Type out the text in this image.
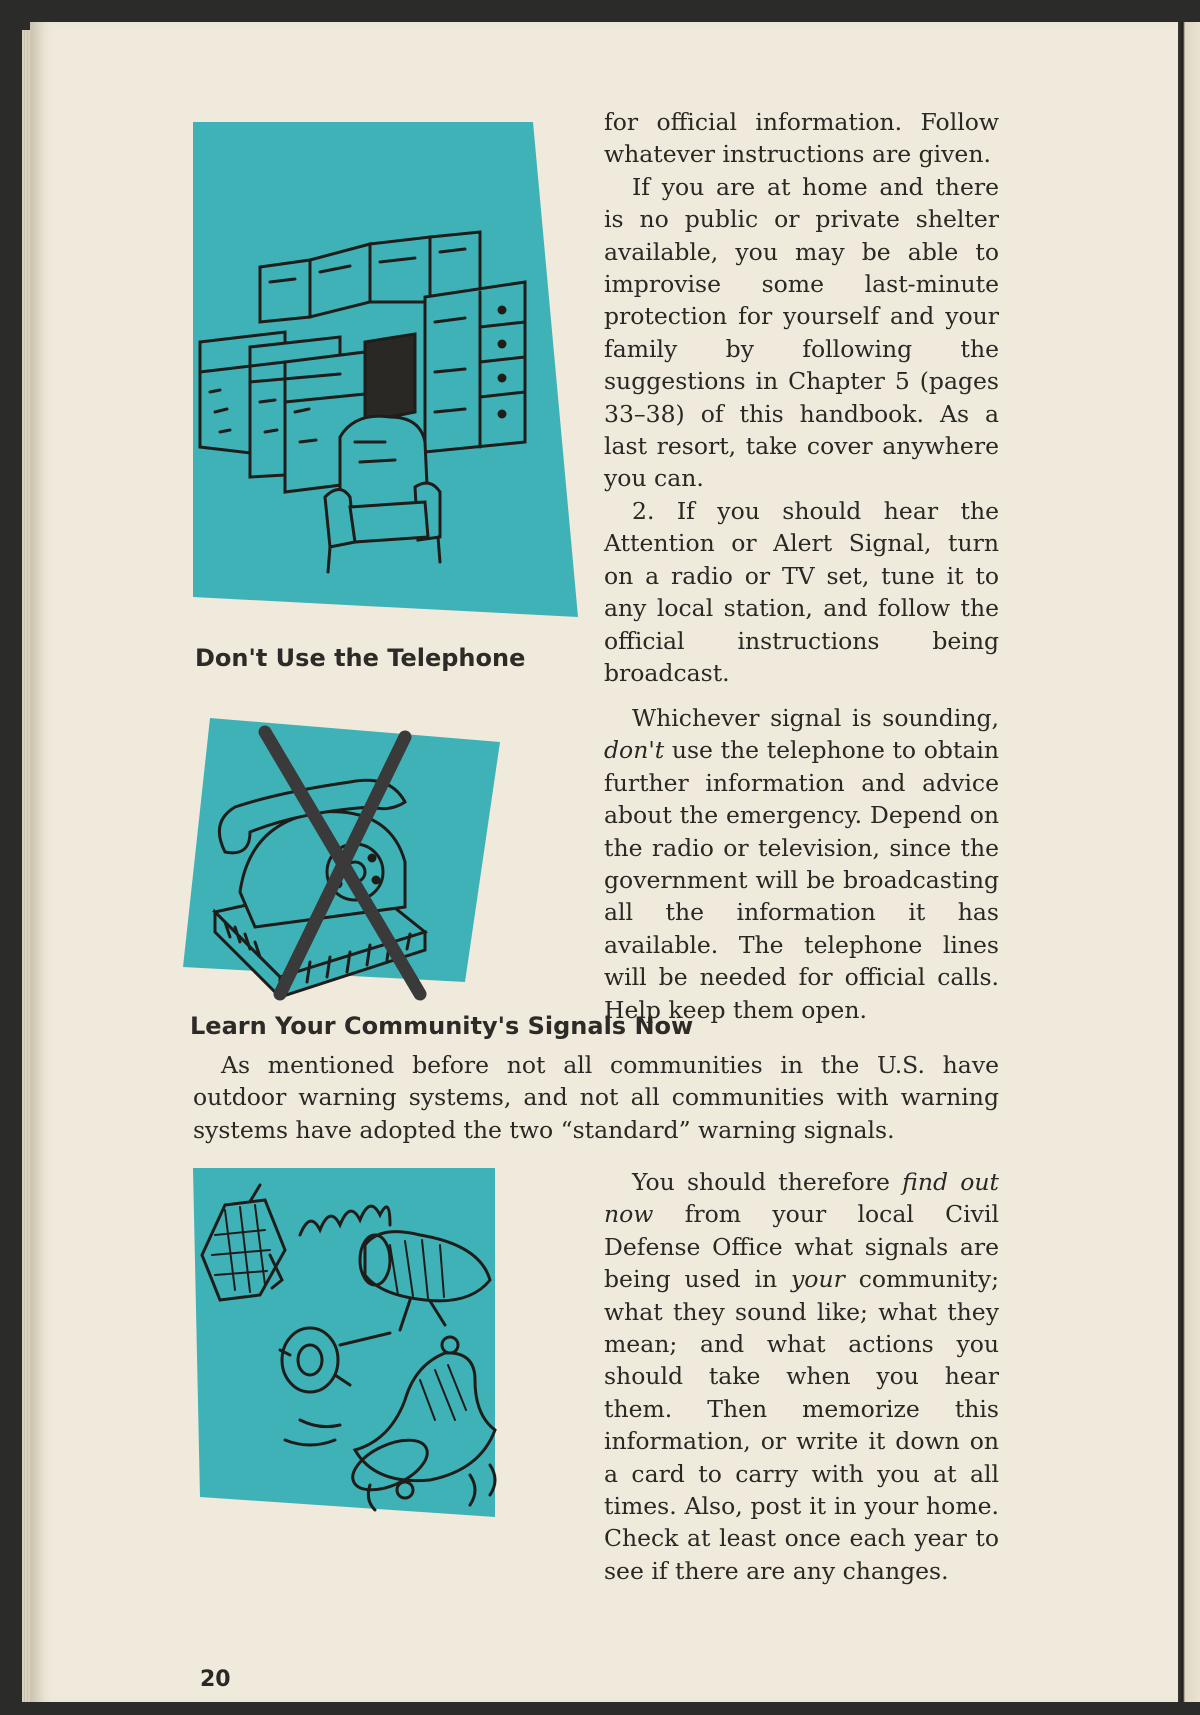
for official information. Follow whatever instructions are given.

If you are at home and there is no public or private shelter available, you may be able to improvise some last-minute protection for yourself and your family by following the suggestions in Chapter 5 (pages 33–38) of this handbook. As a last resort, take cover anywhere you can.

2. If you should hear the Attention or Alert Signal, turn on a radio or TV set, tune it to any local station, and follow the official instructions being broadcast.

Don't Use the Telephone

Whichever signal is sounding, don't use the telephone to obtain further information and advice about the emergency. Depend on the radio or television, since the government will be broadcasting all the information it has available. The telephone lines will be needed for official calls. Help keep them open.

Learn Your Community's Signals Now

As mentioned before not all communities in the U.S. have outdoor warning systems, and not all communities with warning systems have adopted the two “standard” warning signals.

You should therefore find out now from your local Civil Defense Office what signals are being used in your community; what they sound like; what they mean; and what actions you should take when you hear them. Then memorize this information, or write it down on a card to carry with you at all times. Also, post it in your home. Check at least once each year to see if there are any changes.

20
